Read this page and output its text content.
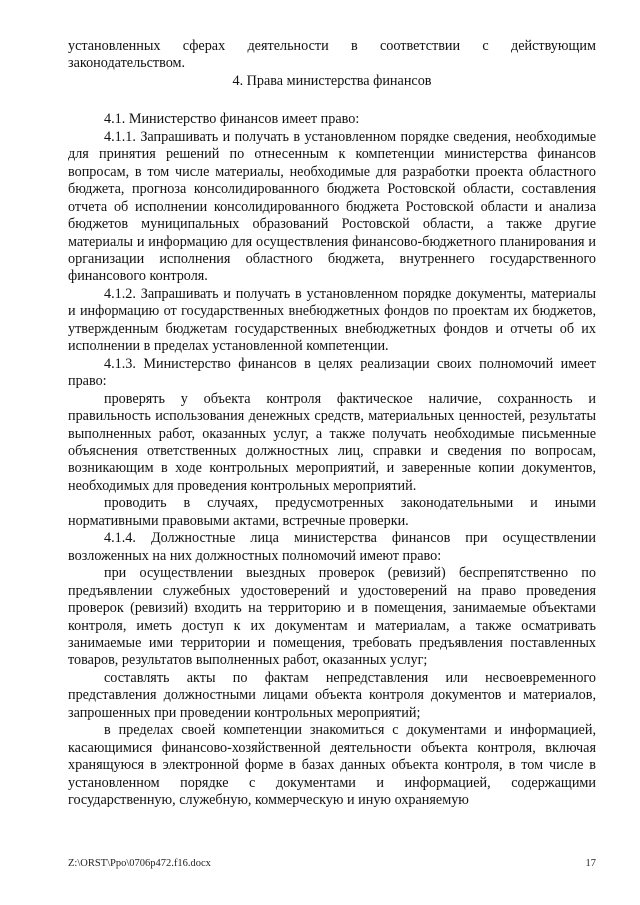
установленных сферах деятельности в соответствии с действующим законодательством.

4. Права министерства финансов

4.1. Министерство финансов имеет право:

4.1.1. Запрашивать и получать в установленном порядке сведения, необходимые для принятия решений по отнесенным к компетенции министерства финансов вопросам, в том числе материалы, необходимые для разработки проекта областного бюджета, прогноза консолидированного бюджета Ростовской области, составления отчета об исполнении консолидированного бюджета Ростовской области и анализа бюджетов муниципальных образований Ростовской области, а также другие материалы и информацию для осуществления финансово-бюджетного планирования и организации исполнения областного бюджета, внутреннего государственного финансового контроля.

4.1.2. Запрашивать и получать в установленном порядке документы, материалы и информацию от государственных внебюджетных фондов по проектам их бюджетов, утвержденным бюджетам государственных внебюджетных фондов и отчеты об их исполнении в пределах установленной компетенции.

4.1.3. Министерство финансов в целях реализации своих полномочий имеет право:

проверять у объекта контроля фактическое наличие, сохранность и правильность использования денежных средств, материальных ценностей, результаты выполненных работ, оказанных услуг, а также получать необходимые письменные объяснения ответственных должностных лиц, справки и сведения по вопросам, возникающим в ходе контрольных мероприятий, и заверенные копии документов, необходимых для проведения контрольных мероприятий.

проводить в случаях, предусмотренных законодательными и иными нормативными правовыми актами, встречные проверки.

4.1.4. Должностные лица министерства финансов при осуществлении возложенных на них должностных полномочий имеют право:

при осуществлении выездных проверок (ревизий) беспрепятственно по предъявлении служебных удостоверений и удостоверений на право проведения проверок (ревизий) входить на территорию и в помещения, занимаемые объектами контроля, иметь доступ к их документам и материалам, а также осматривать занимаемые ими территории и помещения, требовать предъявления поставленных товаров, результатов выполненных работ, оказанных услуг;

составлять акты по фактам непредставления или несвоевременного представления должностными лицами объекта контроля документов и материалов, запрошенных при проведении контрольных мероприятий;

в пределах своей компетенции знакомиться с документами и информацией, касающимися финансово-хозяйственной деятельности объекта контроля, включая хранящуюся в электронной форме в базах данных объекта контроля, в том числе в установленном порядке с документами и информацией, содержащими государственную, служебную, коммерческую и иную охраняемую

Z:\ORST\Ppo\0706p472.f16.docx	17
